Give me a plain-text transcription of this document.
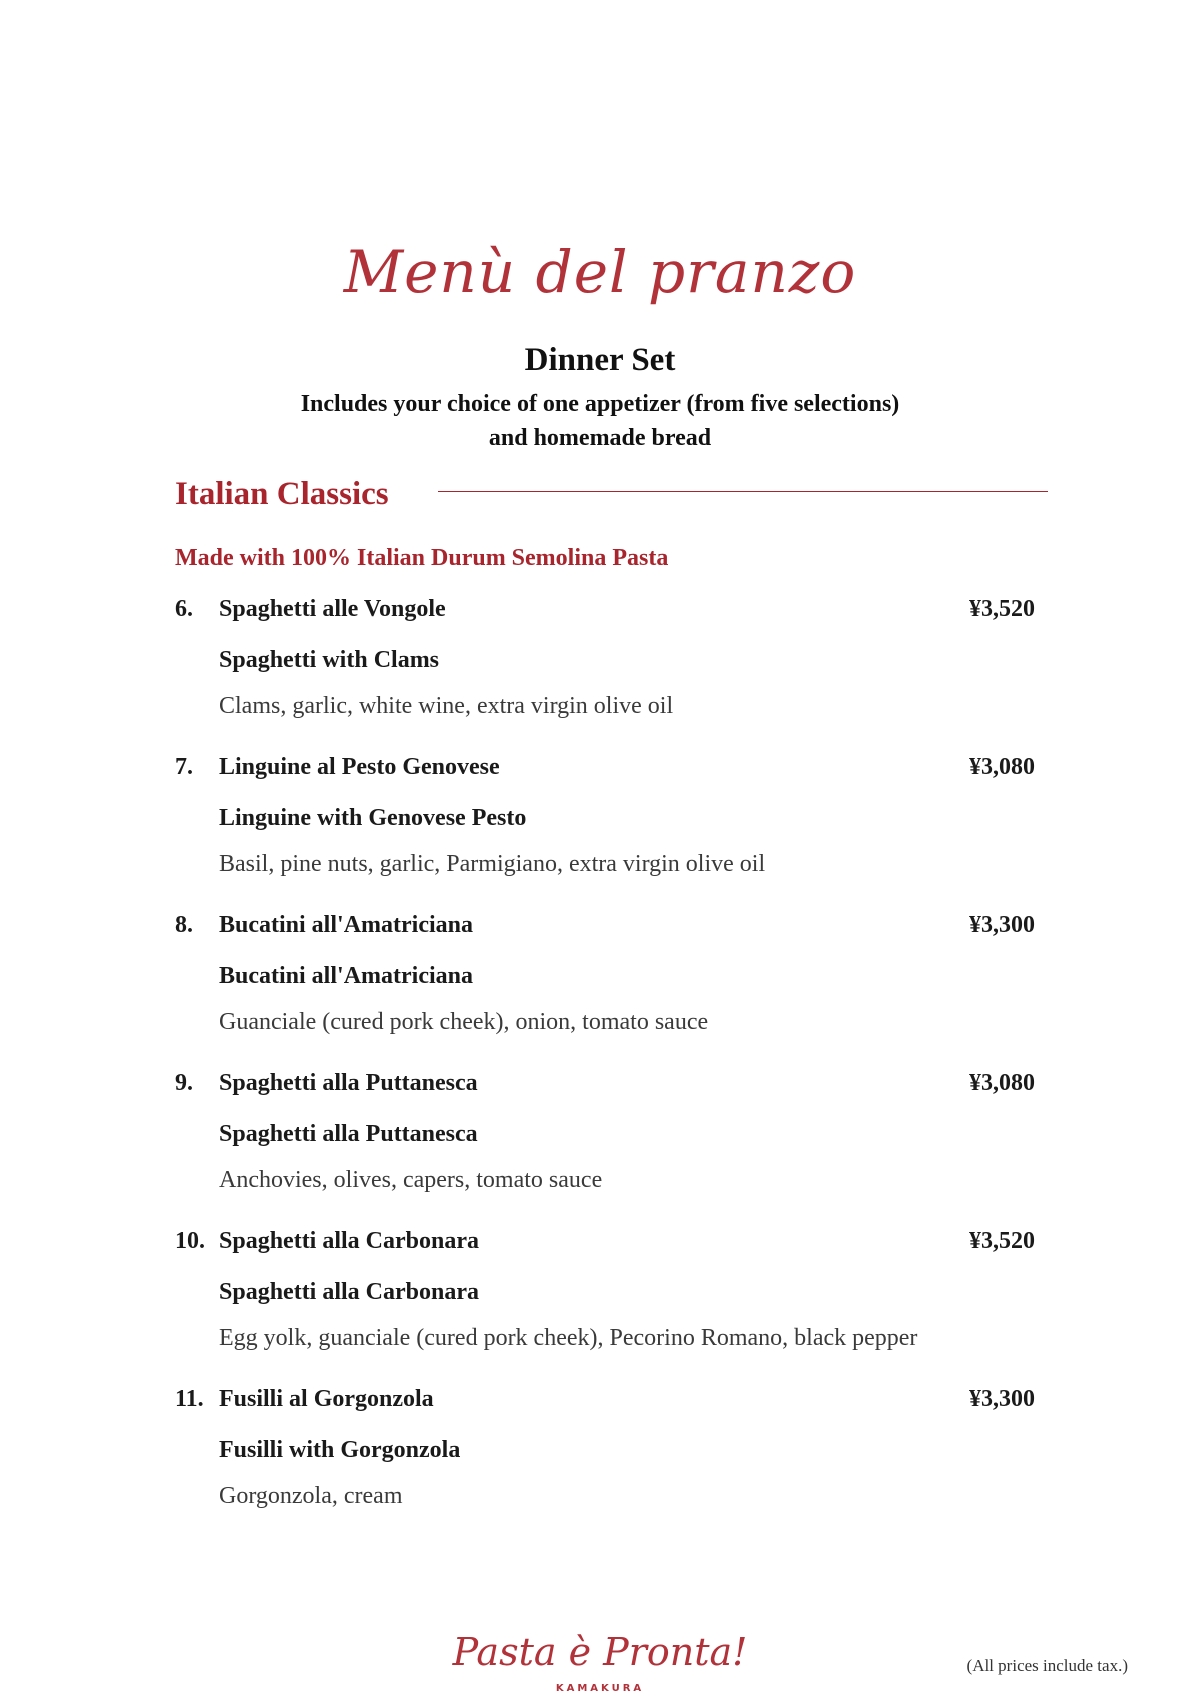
Menù del pranzo
Dinner Set
Includes your choice of one appetizer (from five selections)
and homemade bread
Italian Classics
Made with 100% Italian Durum Semolina Pasta
6. Spaghetti alle Vongole	¥3,520
Spaghetti with Clams
Clams, garlic, white wine, extra virgin olive oil
7. Linguine al Pesto Genovese	¥3,080
Linguine with Genovese Pesto
Basil, pine nuts, garlic, Parmigiano, extra virgin olive oil
8. Bucatini all'Amatriciana	¥3,300
Bucatini all'Amatriciana
Guanciale (cured pork cheek), onion, tomato sauce
9. Spaghetti alla Puttanesca	¥3,080
Spaghetti alla Puttanesca
Anchovies, olives, capers, tomato sauce
10. Spaghetti alla Carbonara	¥3,520
Spaghetti alla Carbonara
Egg yolk, guanciale (cured pork cheek), Pecorino Romano, black pepper
11. Fusilli al Gorgonzola	¥3,300
Fusilli with Gorgonzola
Gorgonzola, cream
Pasta è Pronta!
KAMAKURA
(All prices include tax.)
